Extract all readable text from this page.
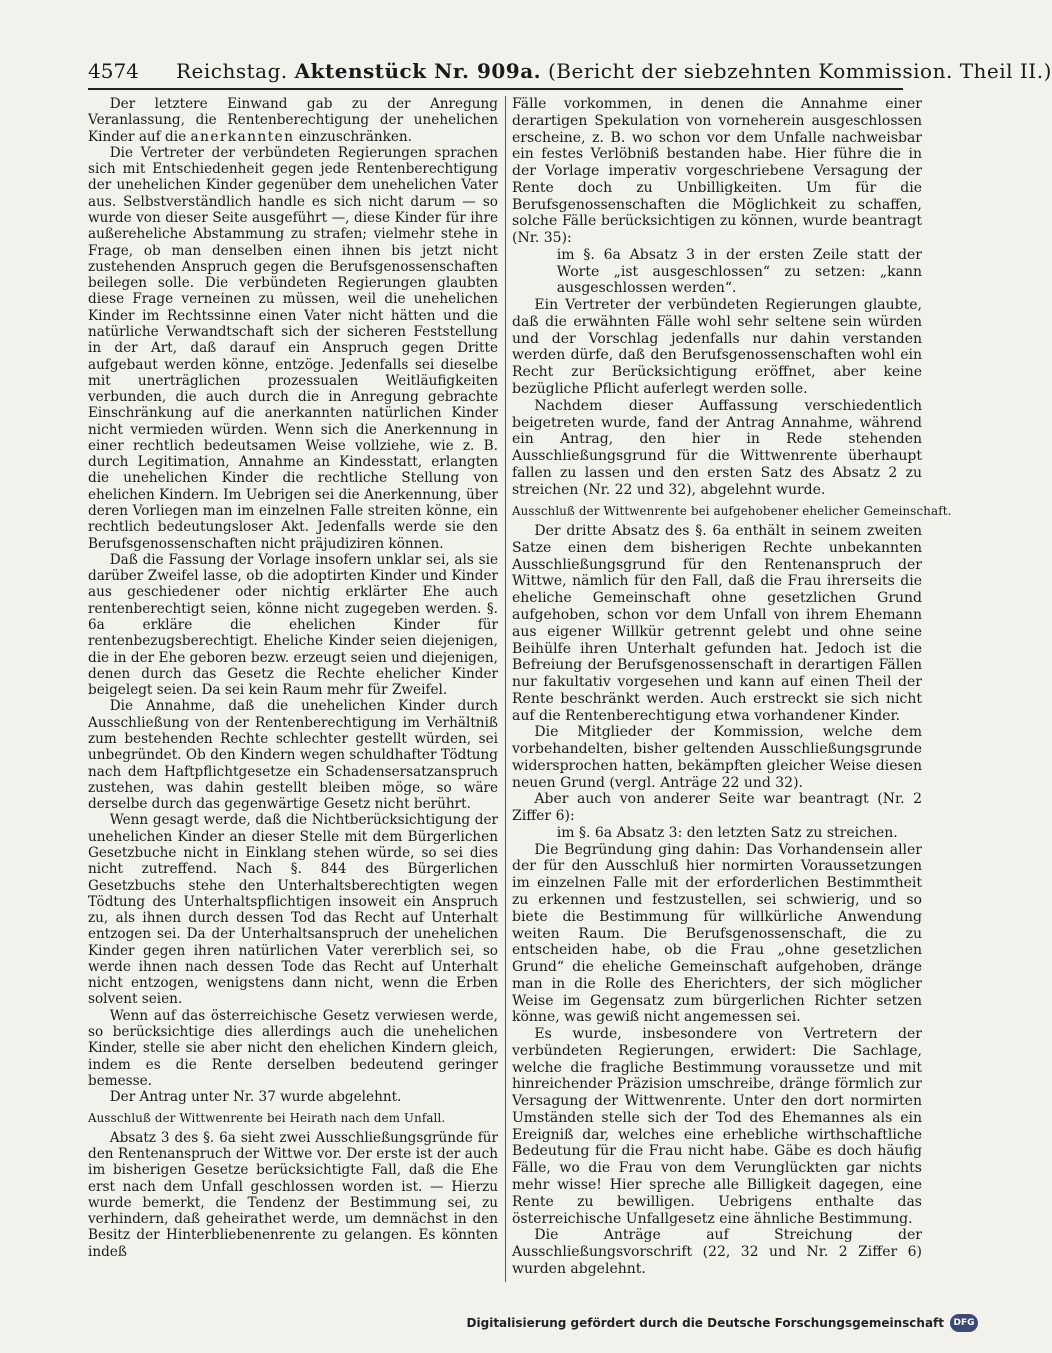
4574 Reichstag. Aktenstück Nr. 909a. (Bericht der siebzehnten Kommission. Theil II.)

Der letztere Einwand gab zu der Anregung Veranlassung, die Rentenberechtigung der unehelichen Kinder auf die anerkannten einzuschränken.

Die Vertreter der verbündeten Regierungen sprachen sich mit Entschiedenheit gegen jede Rentenberechtigung der unehelichen Kinder gegenüber dem unehelichen Vater aus. Selbstverständlich handle es sich nicht darum — so wurde von dieser Seite ausgeführt —, diese Kinder für ihre außereheliche Abstammung zu strafen; vielmehr stehe in Frage, ob man denselben einen ihnen bis jetzt nicht zustehenden Anspruch gegen die Berufsgenossenschaften beilegen solle. Die verbündeten Regierungen glaubten diese Frage verneinen zu müssen, weil die unehelichen Kinder im Rechtssinne einen Vater nicht hätten und die natürliche Verwandtschaft sich der sicheren Feststellung in der Art, daß darauf ein Anspruch gegen Dritte aufgebaut werden könne, entzöge. Jedenfalls sei dieselbe mit unerträglichen prozessualen Weitläufigkeiten verbunden, die auch durch die in Anregung gebrachte Einschränkung auf die anerkannten natürlichen Kinder nicht vermieden würden. Wenn sich die Anerkennung in einer rechtlich bedeutsamen Weise vollziehe, wie z. B. durch Legitimation, Annahme an Kindesstatt, erlangten die unehelichen Kinder die rechtliche Stellung von ehelichen Kindern. Im Uebrigen sei die Anerkennung, über deren Vorliegen man im einzelnen Falle streiten könne, ein rechtlich bedeutungsloser Akt. Jedenfalls werde sie den Berufsgenossenschaften nicht präjudiziren können.

Daß die Fassung der Vorlage insofern unklar sei, als sie darüber Zweifel lasse, ob die adoptirten Kinder und Kinder aus geschiedener oder nichtig erklärter Ehe auch rentenberechtigt seien, könne nicht zugegeben werden. §. 6a erkläre die ehelichen Kinder für rentenbezugsberechtigt. Eheliche Kinder seien diejenigen, die in der Ehe geboren bezw. erzeugt seien und diejenigen, denen durch das Gesetz die Rechte ehelicher Kinder beigelegt seien. Da sei kein Raum mehr für Zweifel.

Die Annahme, daß die unehelichen Kinder durch Ausschließung von der Rentenberechtigung im Verhältniß zum bestehenden Rechte schlechter gestellt würden, sei unbegründet. Ob den Kindern wegen schuldhafter Tödtung nach dem Haftpflichtgesetze ein Schadensersatzanspruch zustehen, was dahin gestellt bleiben möge, so wäre derselbe durch das gegenwärtige Gesetz nicht berührt.

Wenn gesagt werde, daß die Nichtberücksichtigung der unehelichen Kinder an dieser Stelle mit dem Bürgerlichen Gesetzbuche nicht in Einklang stehen würde, so sei dies nicht zutreffend. Nach §. 844 des Bürgerlichen Gesetzbuchs stehe den Unterhaltsberechtigten wegen Tödtung des Unterhaltspflichtigen insoweit ein Anspruch zu, als ihnen durch dessen Tod das Recht auf Unterhalt entzogen sei. Da der Unterhaltsanspruch der unehelichen Kinder gegen ihren natürlichen Vater vererblich sei, so werde ihnen nach dessen Tode das Recht auf Unterhalt nicht entzogen, wenigstens dann nicht, wenn die Erben solvent seien.

Wenn auf das österreichische Gesetz verwiesen werde, so berücksichtige dies allerdings auch die unehelichen Kinder, stelle sie aber nicht den ehelichen Kindern gleich, indem es die Rente derselben bedeutend geringer bemesse.

Der Antrag unter Nr. 37 wurde abgelehnt.

Ausschluß der Wittwenrente bei Heirath nach dem Unfall.

Absatz 3 des §. 6a sieht zwei Ausschließungsgründe für den Rentenanspruch der Wittwe vor. Der erste ist der auch im bisherigen Gesetze berücksichtigte Fall, daß die Ehe erst nach dem Unfall geschlossen worden ist. — Hierzu wurde bemerkt, die Tendenz der Bestimmung sei, zu verhindern, daß geheirathet werde, um demnächst in den Besitz der Hinterbliebenenrente zu gelangen. Es könnten indeß

Fälle vorkommen, in denen die Annahme einer derartigen Spekulation von vorneherein ausgeschlossen erscheine, z. B. wo schon vor dem Unfalle nachweisbar ein festes Verlöbniß bestanden habe. Hier führe die in der Vorlage imperativ vorgeschriebene Versagung der Rente doch zu Unbilligkeiten. Um für die Berufsgenossenschaften die Möglichkeit zu schaffen, solche Fälle berücksichtigen zu können, wurde beantragt (Nr. 35):

im §. 6a Absatz 3 in der ersten Zeile statt der Worte „ist ausgeschlossen“ zu setzen: „kann ausgeschlossen werden“.

Ein Vertreter der verbündeten Regierungen glaubte, daß die erwähnten Fälle wohl sehr seltene sein würden und der Vorschlag jedenfalls nur dahin verstanden werden dürfe, daß den Berufsgenossenschaften wohl ein Recht zur Berücksichtigung eröffnet, aber keine bezügliche Pflicht auferlegt werden solle.

Nachdem dieser Auffassung verschiedentlich beigetreten wurde, fand der Antrag Annahme, während ein Antrag, den hier in Rede stehenden Ausschließungsgrund für die Wittwenrente überhaupt fallen zu lassen und den ersten Satz des Absatz 2 zu streichen (Nr. 22 und 32), abgelehnt wurde.

Ausschluß der Wittwenrente bei aufgehobener ehelicher Gemeinschaft.

Der dritte Absatz des §. 6a enthält in seinem zweiten Satze einen dem bisherigen Rechte unbekannten Ausschließungsgrund für den Rentenanspruch der Wittwe, nämlich für den Fall, daß die Frau ihrerseits die eheliche Gemeinschaft ohne gesetzlichen Grund aufgehoben, schon vor dem Unfall von ihrem Ehemann aus eigener Willkür getrennt gelebt und ohne seine Beihülfe ihren Unterhalt gefunden hat. Jedoch ist die Befreiung der Berufsgenossenschaft in derartigen Fällen nur fakultativ vorgesehen und kann auf einen Theil der Rente beschränkt werden. Auch erstreckt sie sich nicht auf die Rentenberechtigung etwa vorhandener Kinder.

Die Mitglieder der Kommission, welche dem vorbehandelten, bisher geltenden Ausschließungsgrunde widersprochen hatten, bekämpften gleicher Weise diesen neuen Grund (vergl. Anträge 22 und 32).

Aber auch von anderer Seite war beantragt (Nr. 2 Ziffer 6):

im §. 6a Absatz 3: den letzten Satz zu streichen.

Die Begründung ging dahin: Das Vorhandensein aller der für den Ausschluß hier normirten Voraussetzungen im einzelnen Falle mit der erforderlichen Bestimmtheit zu erkennen und festzustellen, sei schwierig, und so biete die Bestimmung für willkürliche Anwendung weiten Raum. Die Berufsgenossenschaft, die zu entscheiden habe, ob die Frau „ohne gesetzlichen Grund“ die eheliche Gemeinschaft aufgehoben, dränge man in die Rolle des Eherichters, der sich möglicher Weise im Gegensatz zum bürgerlichen Richter setzen könne, was gewiß nicht angemessen sei.

Es wurde, insbesondere von Vertretern der verbündeten Regierungen, erwidert: Die Sachlage, welche die fragliche Bestimmung voraussetze und mit hinreichender Präzision umschreibe, dränge förmlich zur Versagung der Wittwenrente. Unter den dort normirten Umständen stelle sich der Tod des Ehemannes als ein Ereigniß dar, welches eine erhebliche wirthschaftliche Bedeutung für die Frau nicht habe. Gäbe es doch häufig Fälle, wo die Frau von dem Verunglückten gar nichts mehr wisse! Hier spreche alle Billigkeit dagegen, eine Rente zu bewilligen. Uebrigens enthalte das österreichische Unfallgesetz eine ähnliche Bestimmung.

Die Anträge auf Streichung der Ausschließungsvorschrift (22, 32 und Nr. 2 Ziffer 6) wurden abgelehnt.

Digitalisierung gefördert durch die Deutsche Forschungsgemeinschaft	DFG
